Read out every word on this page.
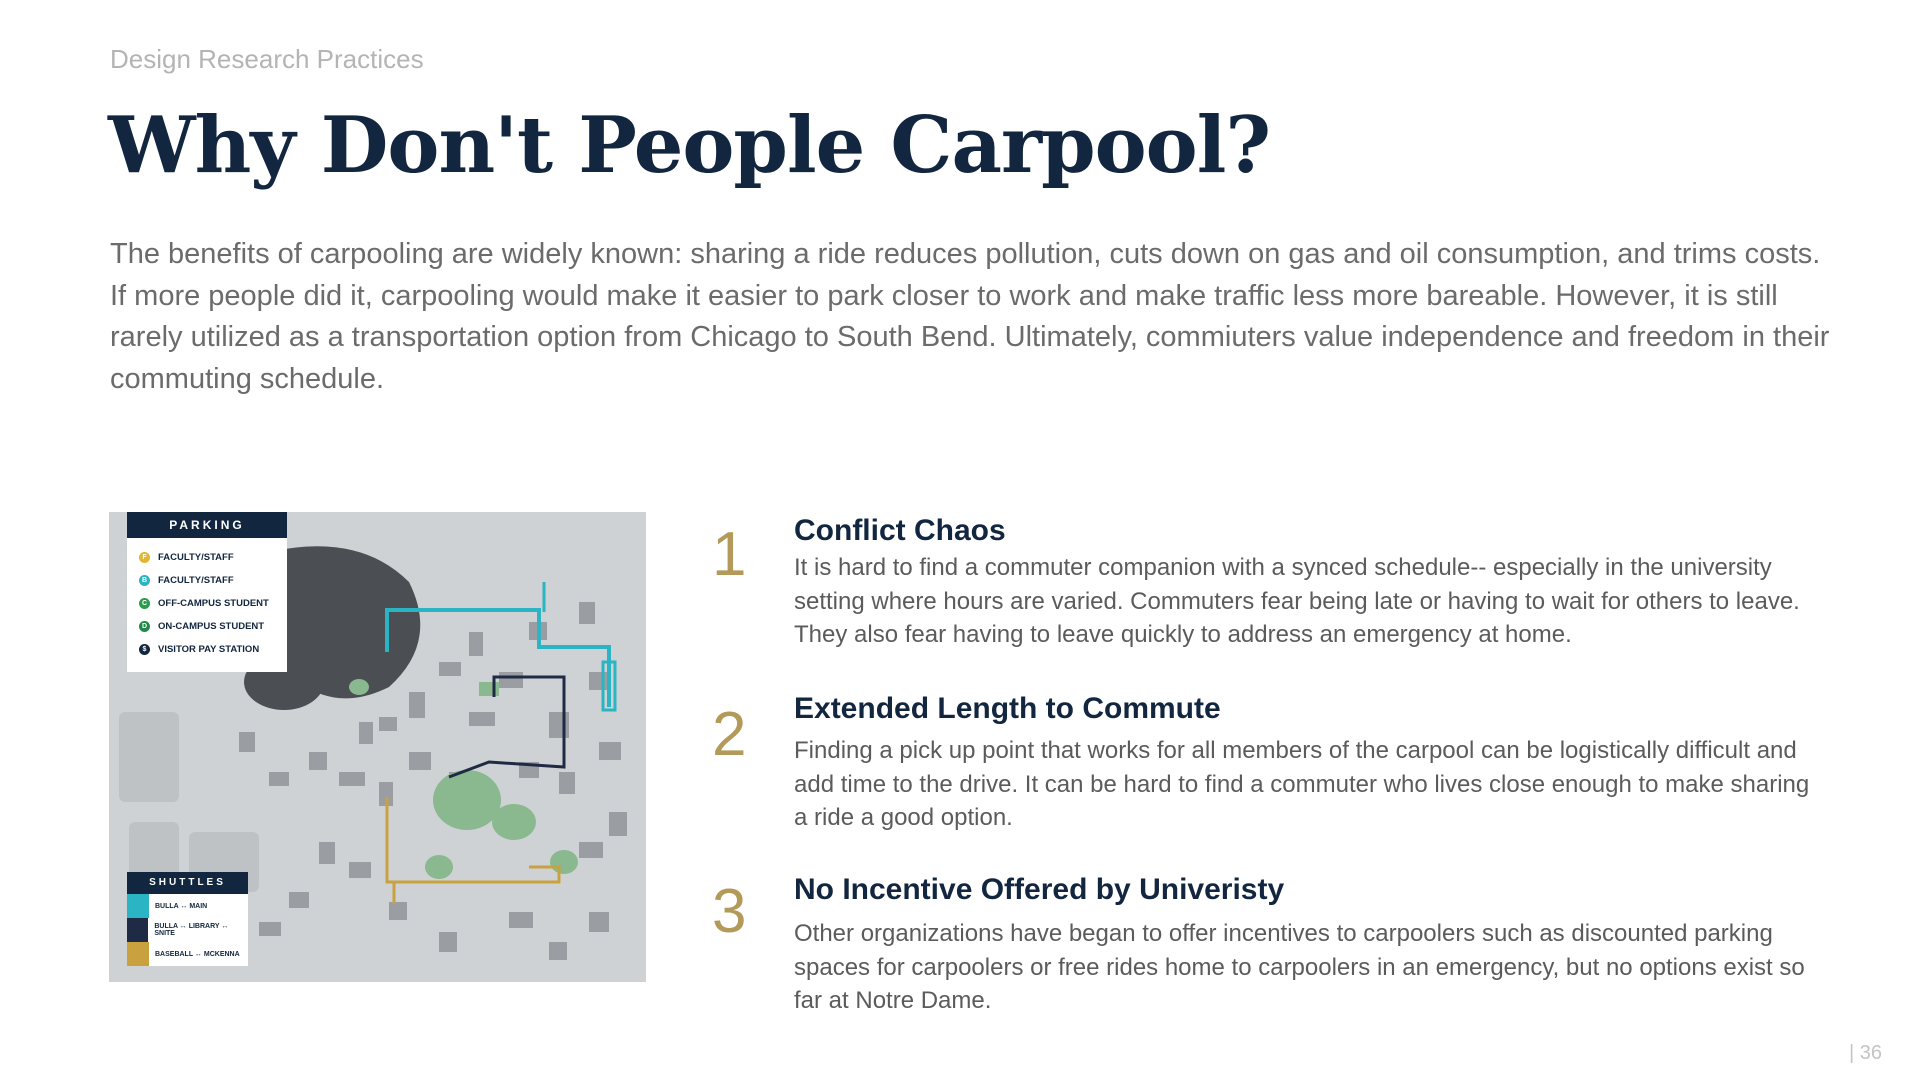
Design Research Practices
Why Don't People Carpool?

The benefits of carpooling are widely known: sharing a ride reduces pollution, cuts down on gas and oil consumption, and trims costs. If more people did it, carpooling would make it easier to park closer to work and make traffic less more bareable. However, it is still rarely utilized as a transportation option from Chicago to South Bend. Ultimately, commiuters value independence and freedom in their commuting schedule.

PARKING
F	FACULTY/STAFF
B	FACULTY/STAFF
C	OFF-CAMPUS STUDENT
D	ON-CAMPUS STUDENT
$	VISITOR PAY STATION
SHUTTLES
BULLA ↔ MAIN
BULLA ↔ LIBRARY ↔ SNITE
BASEBALL ↔ MCKENNA
1 Conflict Chaos

It is hard to find a commuter companion with a synced schedule-- especially in the university setting where hours are varied. Commuters fear being late or having to wait for others to leave. They also fear having to leave quickly to address an emergency at home.

2 Extended Length to Commute

Finding a pick up point that works for all members of the carpool can be logistically difficult and add time to the drive. It can be hard to find a commuter who lives close enough to make sharing a ride a good option.

3 No Incentive Offered by Univeristy

Other organizations have began to offer incentives to carpoolers such as discounted parking spaces for carpoolers or free rides home to carpoolers in an emergency, but no options exist so far at Notre Dame.

| 36
